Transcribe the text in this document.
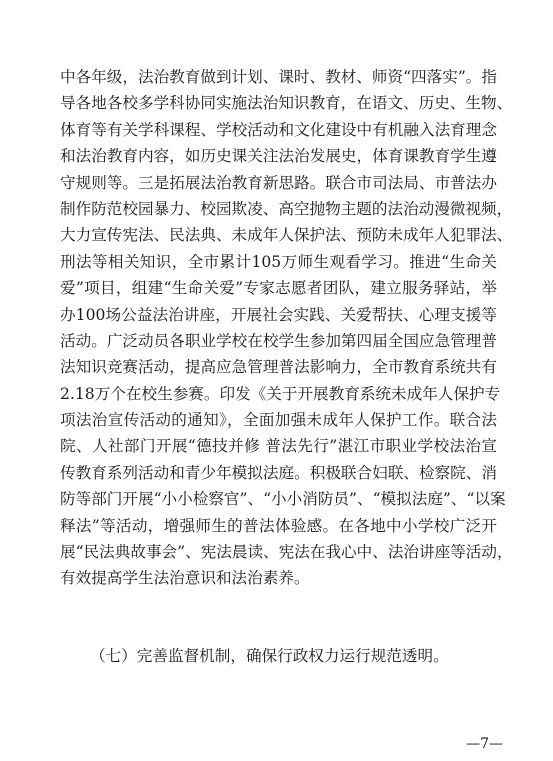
中各年级，法治教育做到计划、课时、教材、师资“四落实”。指
导各地各校多学科协同实施法治知识教育，在语文、历史、生物、
体育等有关学科课程、学校活动和文化建设中有机融入法育理念
和法治教育内容，如历史课关注法治发展史，体育课教育学生遵
守规则等。三是拓展法治教育新思路。联合市司法局、市普法办
制作防范校园暴力、校园欺凌、高空抛物主题的法治动漫微视频，
大力宣传宪法、民法典、未成年人保护法、预防未成年人犯罪法、
刑法等相关知识，全市累计105万师生观看学习。推进“生命关
爱”项目，组建“生命关爱”专家志愿者团队，建立服务驿站，举
办100场公益法治讲座，开展社会实践、关爱帮扶、心理支援等
活动。广泛动员各职业学校在校学生参加第四届全国应急管理普
法知识竞赛活动，提高应急管理普法影响力，全市教育系统共有
2.18万个在校生参赛。印发《关于开展教育系统未成年人保护专
项法治宣传活动的通知》，全面加强未成年人保护工作。联合法
院、人社部门开展“德技并修 普法先行”湛江市职业学校法治宣
传教育系列活动和青少年模拟法庭。积极联合妇联、检察院、消
防等部门开展“小小检察官”、“小小消防员”、“模拟法庭”、“以案
释法”等活动，增强师生的普法体验感。在各地中小学校广泛开
展“民法典故事会”、宪法晨读、宪法在我心中、法治讲座等活动，
有效提高学生法治意识和法治素养。

（七）完善监督机制，确保行政权力运行规范透明。

—7—
